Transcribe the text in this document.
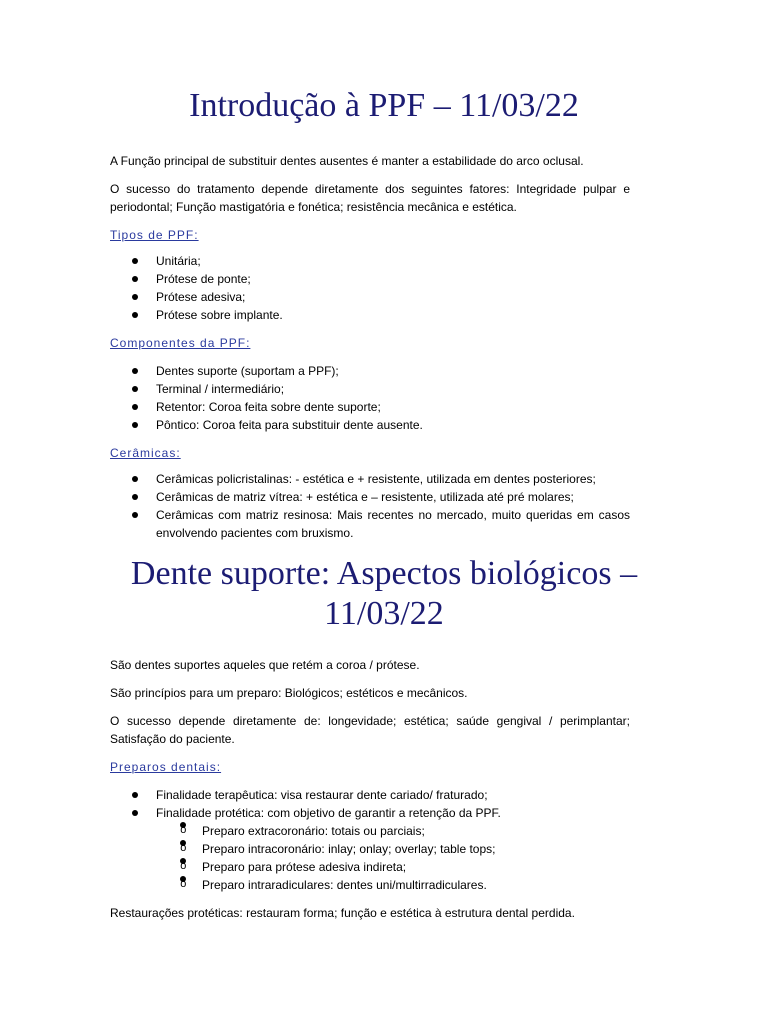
Introdução à PPF – 11/03/22

A Função principal de substituir dentes ausentes é manter a estabilidade do arco oclusal.

O sucesso do tratamento depende diretamente dos seguintes fatores: Integridade pulpar e periodontal; Função mastigatória e fonética; resistência mecânica e estética.

Tipos de PPF:

Unitária;
Prótese de ponte;
Prótese adesiva;
Prótese sobre implante.

Componentes da PPF:

Dentes suporte (suportam a PPF);
Terminal / intermediário;
Retentor: Coroa feita sobre dente suporte;
Pôntico: Coroa feita para substituir dente ausente.

Cerâmicas:

Cerâmicas policristalinas: - estética e + resistente, utilizada em dentes posteriores;
Cerâmicas de matriz vítrea: + estética e – resistente, utilizada até pré molares;
Cerâmicas com matriz resinosa: Mais recentes no mercado, muito queridas em casos envolvendo pacientes com bruxismo.
Dente suporte: Aspectos biológicos –
11/03/22

São dentes suportes aqueles que retém a coroa / prótese.

São princípios para um preparo: Biológicos; estéticos e mecânicos.

O sucesso depende diretamente de: longevidade; estética; saúde gengival / perimplantar; Satisfação do paciente.

Preparos dentais:

Finalidade terapêutica: visa restaurar dente cariado/ fraturado;
Finalidade protética: com objetivo de garantir a retenção da PPF.
o Preparo extracoronário: totais ou parciais;
o Preparo intracoronário: inlay; onlay; overlay; table tops;
o Preparo para prótese adesiva indireta;
o Preparo intraradiculares: dentes uni/multirradiculares.

Restaurações protéticas: restauram forma; função e estética à estrutura dental perdida.
